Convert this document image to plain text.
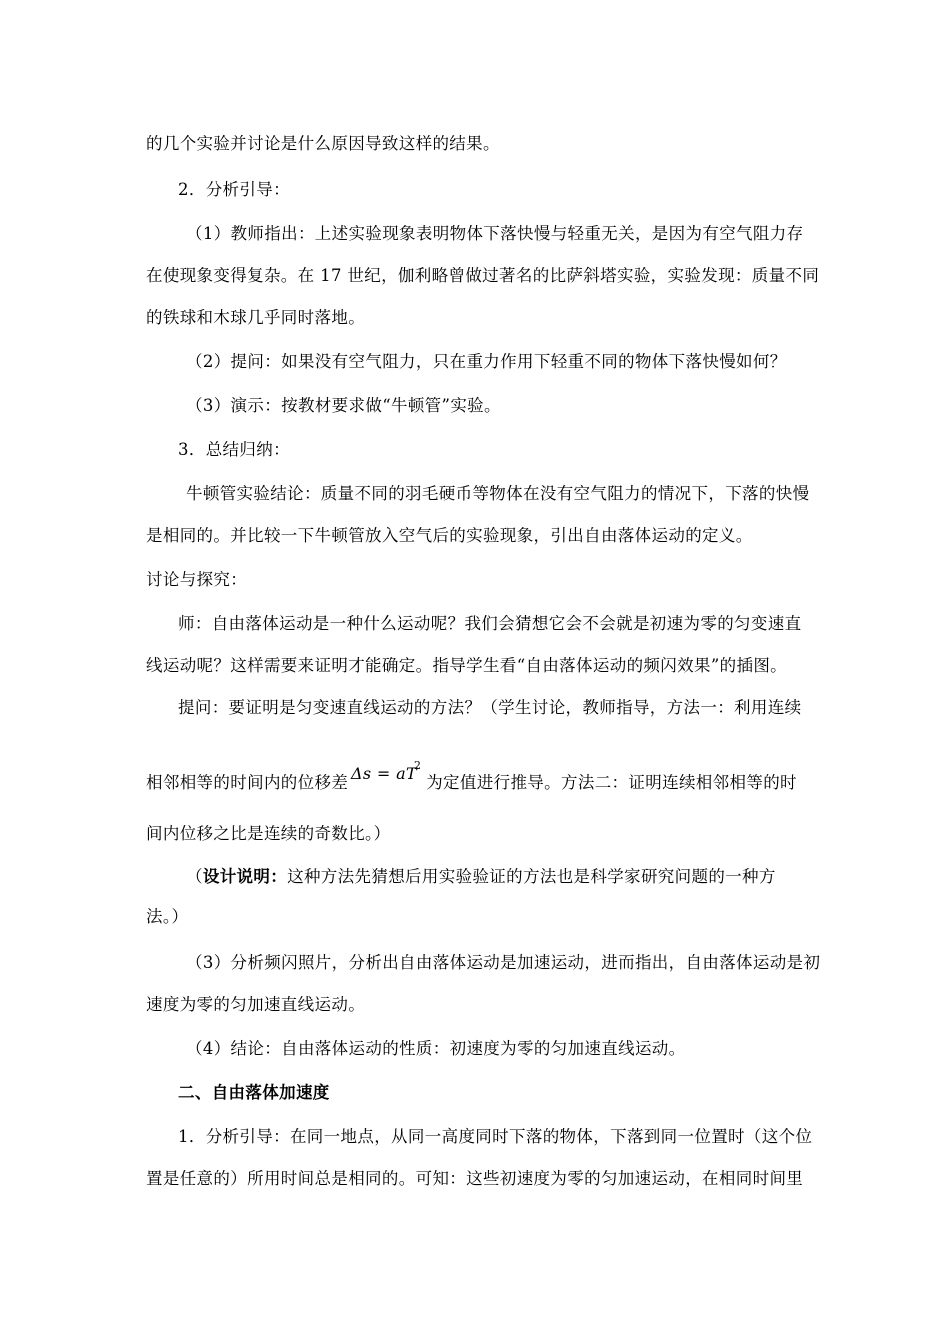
的几个实验并讨论是什么原因导致这样的结果。

2．分析引导：

（1）教师指出：上述实验现象表明物体下落快慢与轻重无关，是因为有空气阻力存

在使现象变得复杂。在 17 世纪，伽利略曾做过著名的比萨斜塔实验，实验发现：质量不同

的铁球和木球几乎同时落地。

（2）提问：如果没有空气阻力，只在重力作用下轻重不同的物体下落快慢如何？

（3）演示：按教材要求做“牛顿管”实验。

3．总结归纳：

牛顿管实验结论：质量不同的羽毛硬币等物体在没有空气阻力的情况下，下落的快慢

是相同的。并比较一下牛顿管放入空气后的实验现象，引出自由落体运动的定义。

讨论与探究：

师：自由落体运动是一种什么运动呢？我们会猜想它会不会就是初速为零的匀变速直

线运动呢？这样需要来证明才能确定。指导学生看“自由落体运动的频闪效果”的插图。

提问：要证明是匀变速直线运动的方法？（学生讨论，教师指导，方法一：利用连续

相邻相等的时间内的位移差 Δs = aT
2
为定值进行推导。方法二：证明连续相邻相等的时

间内位移之比是连续的奇数比。）

（设计说明：这种方法先猜想后用实验验证的方法也是科学家研究问题的一种方

法。）

（3）分析频闪照片，分析出自由落体运动是加速运动，进而指出，自由落体运动是初

速度为零的匀加速直线运动。

（4）结论：自由落体运动的性质：初速度为零的匀加速直线运动。

二、自由落体加速度

1．分析引导：在同一地点，从同一高度同时下落的物体，下落到同一位置时（这个位

置是任意的）所用时间总是相同的。可知：这些初速度为零的匀加速运动，在相同时间里
